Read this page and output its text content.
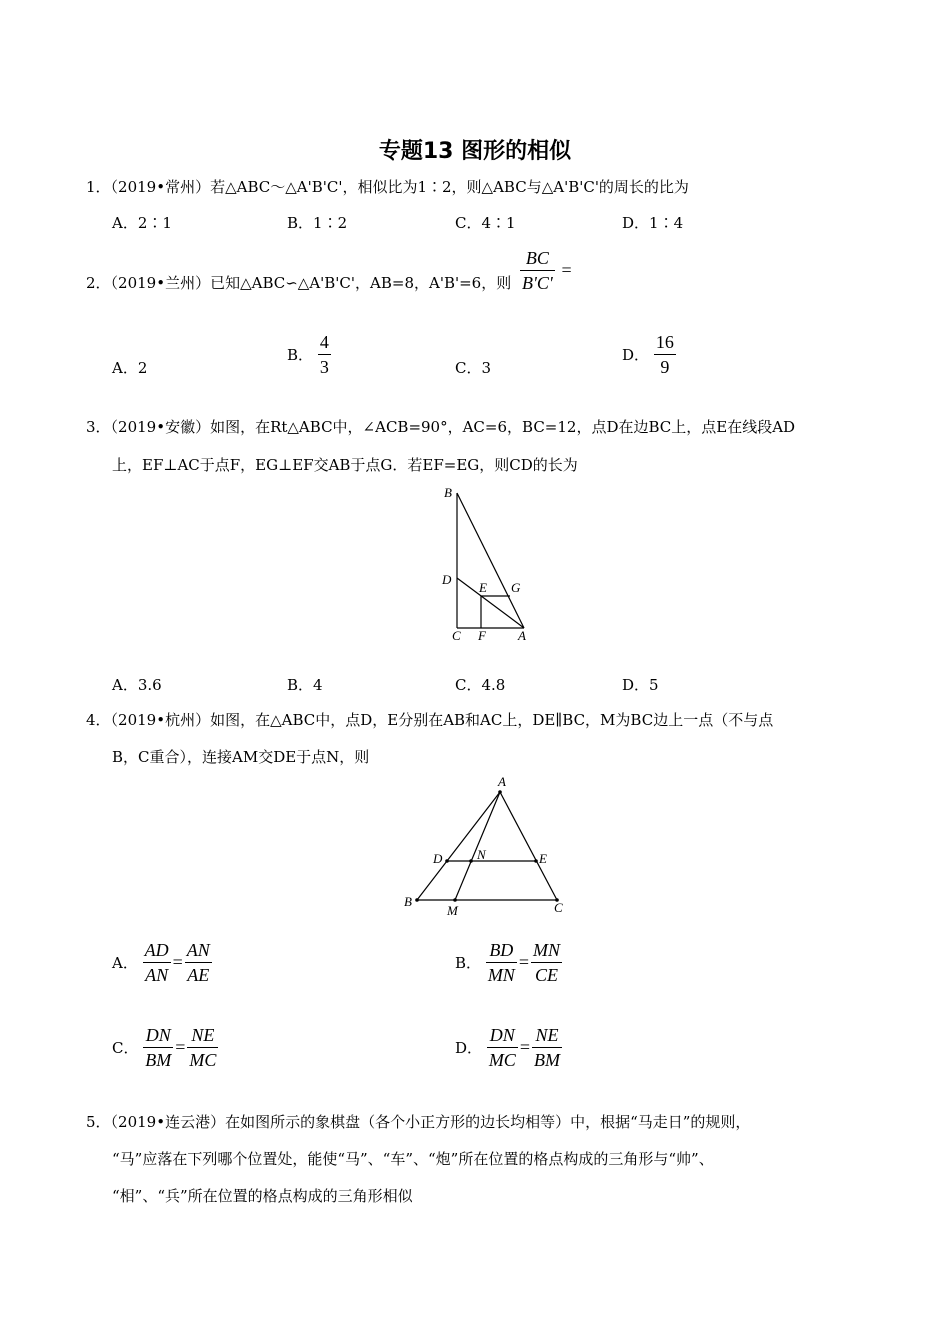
专题13 图形的相似
1．（2019•常州）若△ABC～△A'B'C'，相似比为1∶2，则△ABC与△A'B'C'的周长的比为
A．2∶1	B．1∶2	C．4∶1	D．1∶4
2．（2019•兰州）已知△ABC∽△A'B'C'，AB=8，A'B'=6，则 $\frac{BC}{B'C'}$ =
A．2
B． $\frac{4}{3}$	C．3
D． $\frac{16}{9}$
3．（2019•安徽）如图，在Rt△ABC中，∠ACB=90°，AC=6，BC=12，点D在边BC上，点E在线段AD
上，EF⊥AC于点F，EG⊥EF交AB于点G．若EF=EG，则CD的长为
B
D
E G
C F A
A．3.6	B．4	C．4.8	D．5
4．（2019•杭州）如图，在△ABC中，点D，E分别在AB和AC上，DE∥BC，M为BC边上一点（不与点
B，C重合），连接AM交DE于点N，则
A
D	N	E
B
M	C
A． $\frac{AD}{AN} = \frac{AN}{AE}$	B． $\frac{BD}{MN} = \frac{MN}{CE}$
C． $\frac{DN}{BM} = \frac{NE}{MC}$	D． $\frac{DN}{MC} = \frac{NE}{BM}$
5．（2019•连云港）在如图所示的象棋盘（各个小正方形的边长均相等）中，根据“马走日”的规则，
“马”应落在下列哪个位置处，能使“马”、“车”、“炮”所在位置的格点构成的三角形与“帅”、
“相”、“兵”所在位置的格点构成的三角形相似
